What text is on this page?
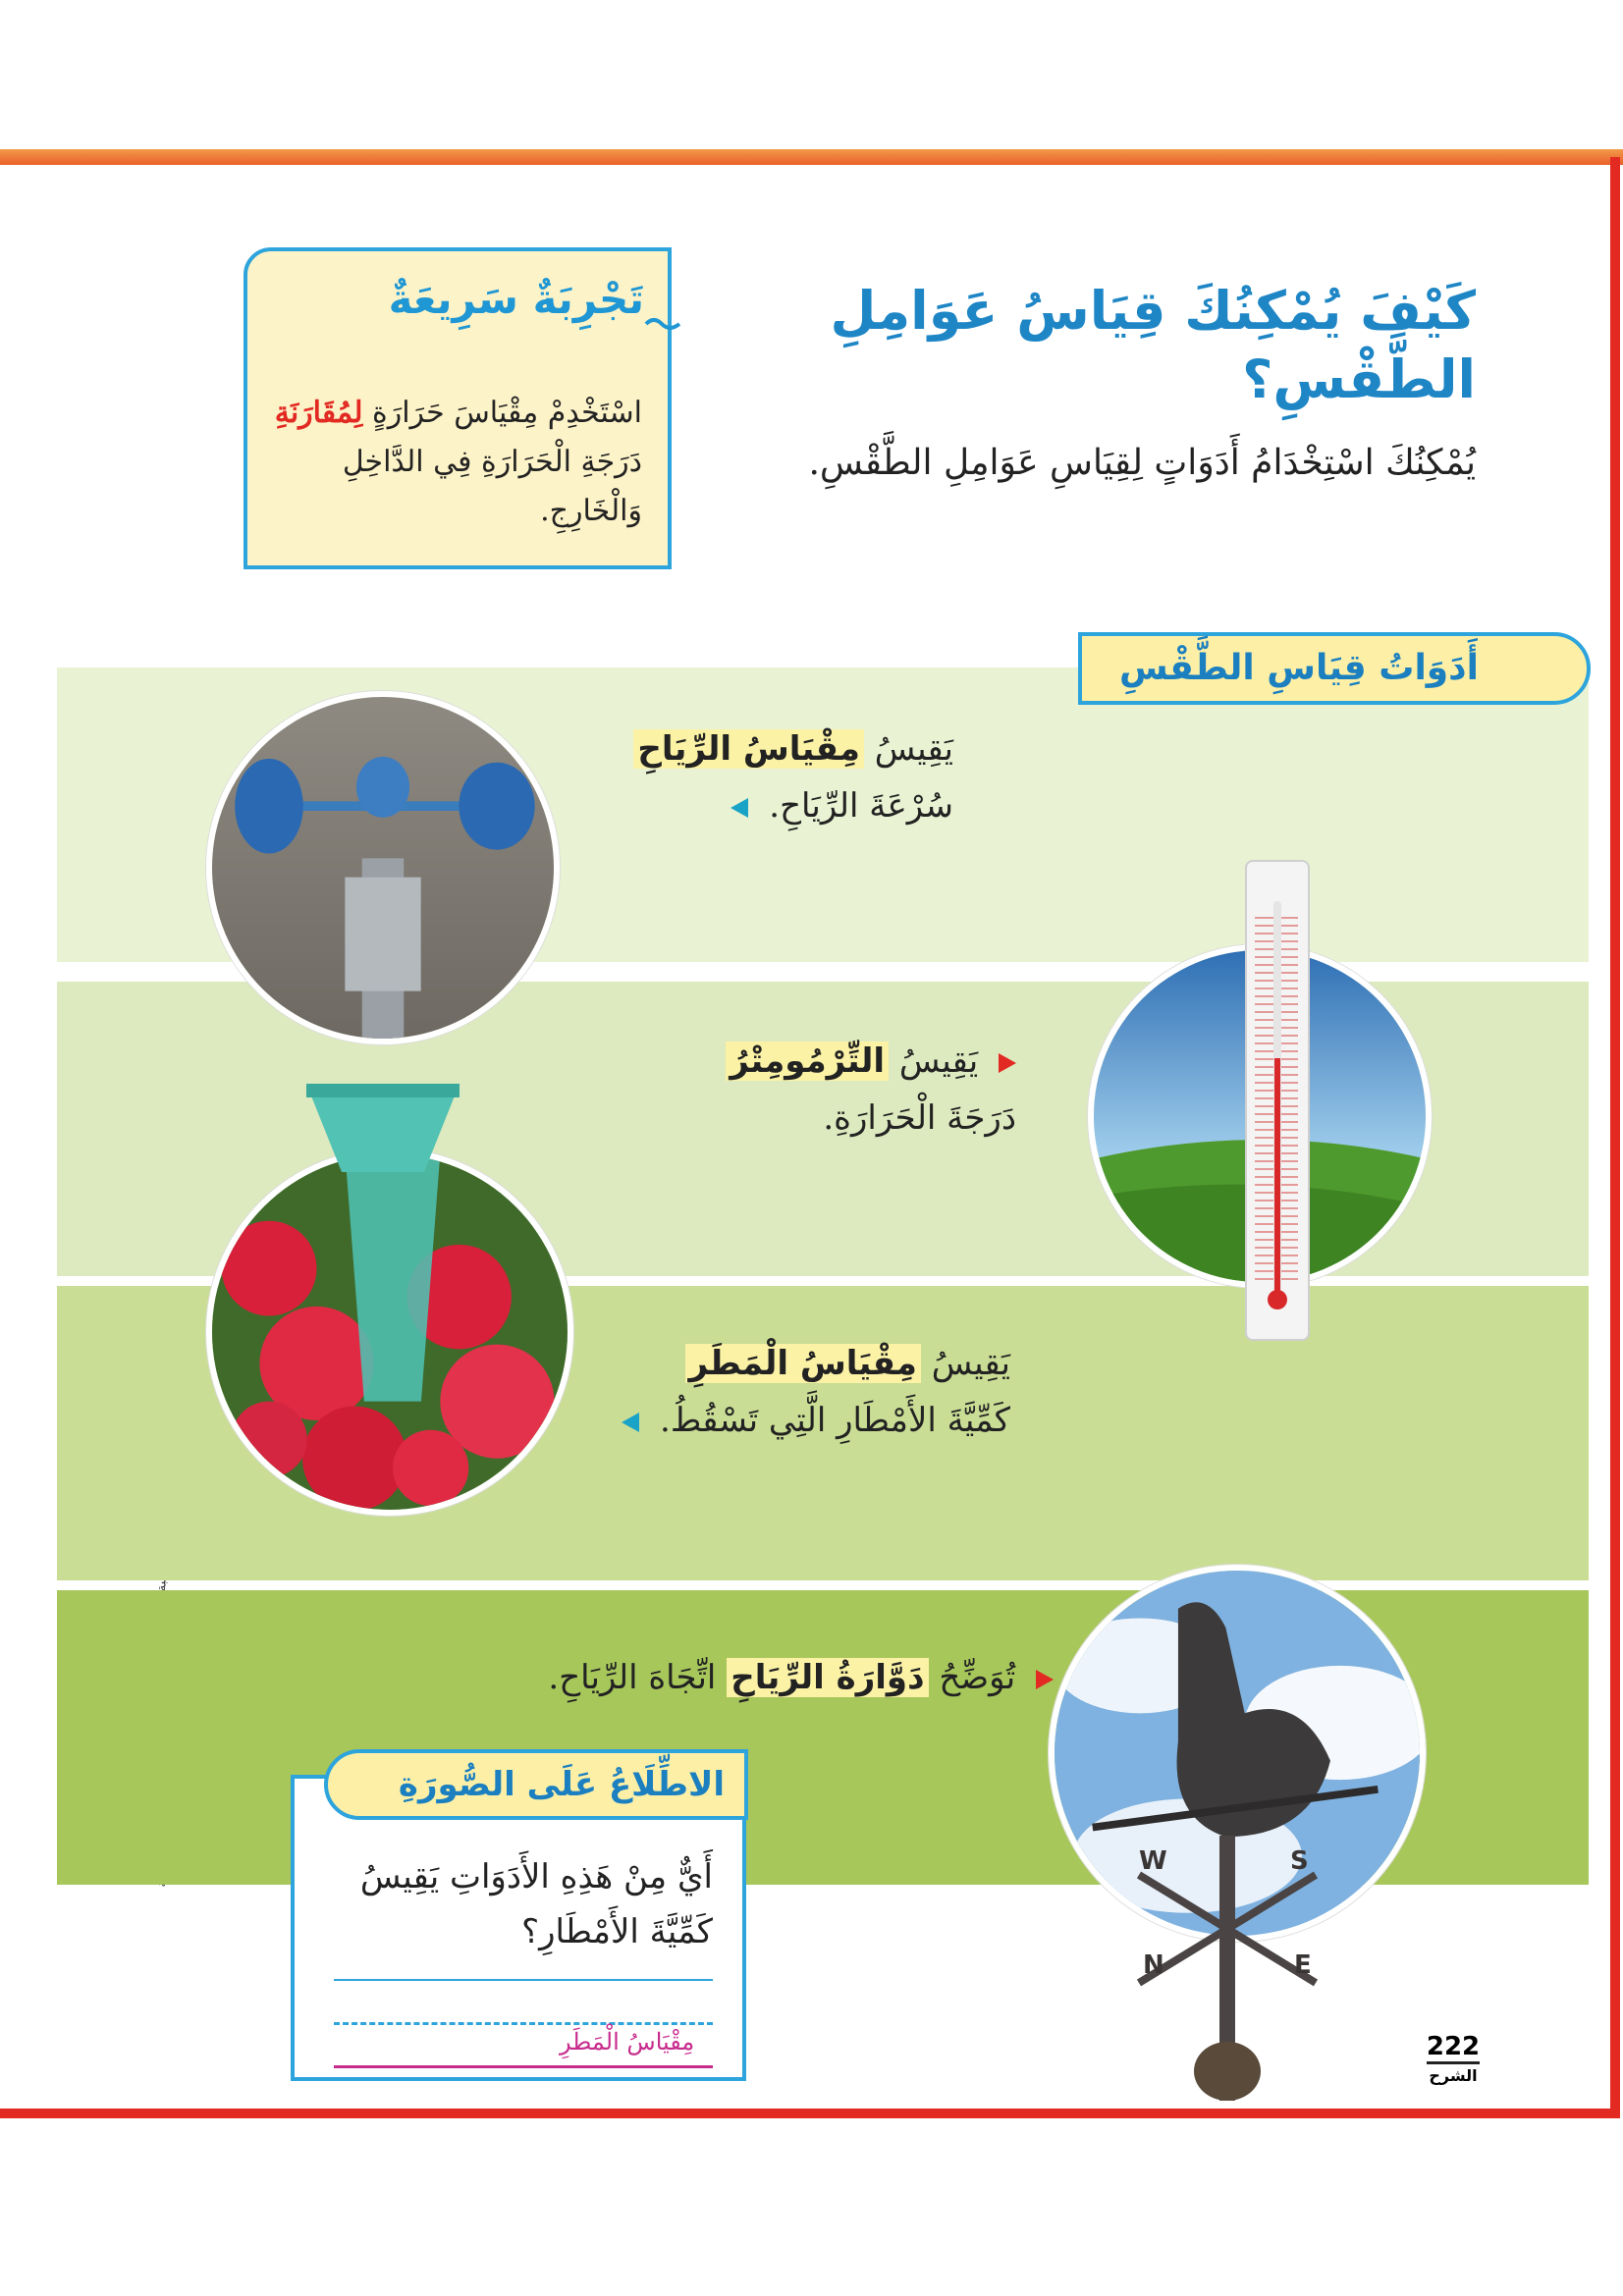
كَيْفَ يُمْكِنُكَ قِيَاسُ عَوَامِلِ الطَّقْسِ؟
يُمْكِنُكَ اسْتِخْدَامُ أَدَوَاتٍ لِقِيَاسِ عَوَامِلِ الطَّقْسِ.
تَجْرِبَةٌ سَرِيعَةٌ
اسْتَخْدِمْ مِقْيَاسَ حَرَارَةٍ لِمُقَارَنَةِ دَرَجَةِ الْحَرَارَةِ فِي الدَّاخِلِ وَالْخَارِجِ.
أَدَوَاتُ قِيَاسِ الطَّقْسِ
W	S
N	E
يَقِيسُ مِقْيَاسُ الرِّيَاحِ
سُرْعَةَ الرِّيَاحِ.
يَقِيسُ التِّرْمُومِتْرُ
دَرَجَةَ الْحَرَارَةِ.
يَقِيسُ مِقْيَاسُ الْمَطَرِ
كَمِّيَّةَ الأَمْطَارِ الَّتِي تَسْقُطُ.
تُوَضِّحُ دَوَّارَةُ الرِّيَاحِ اتِّجَاهَ الرِّيَاحِ.
أَيٌّ مِنْ هَذِهِ الأَدَوَاتِ يَقِيسُ كَمِّيَّةَ الأَمْطَارِ؟
مِقْيَاسُ الْمَطَرِ
الاطِّلَاعُ عَلَى الصُّورَةِ
222
الشرح
